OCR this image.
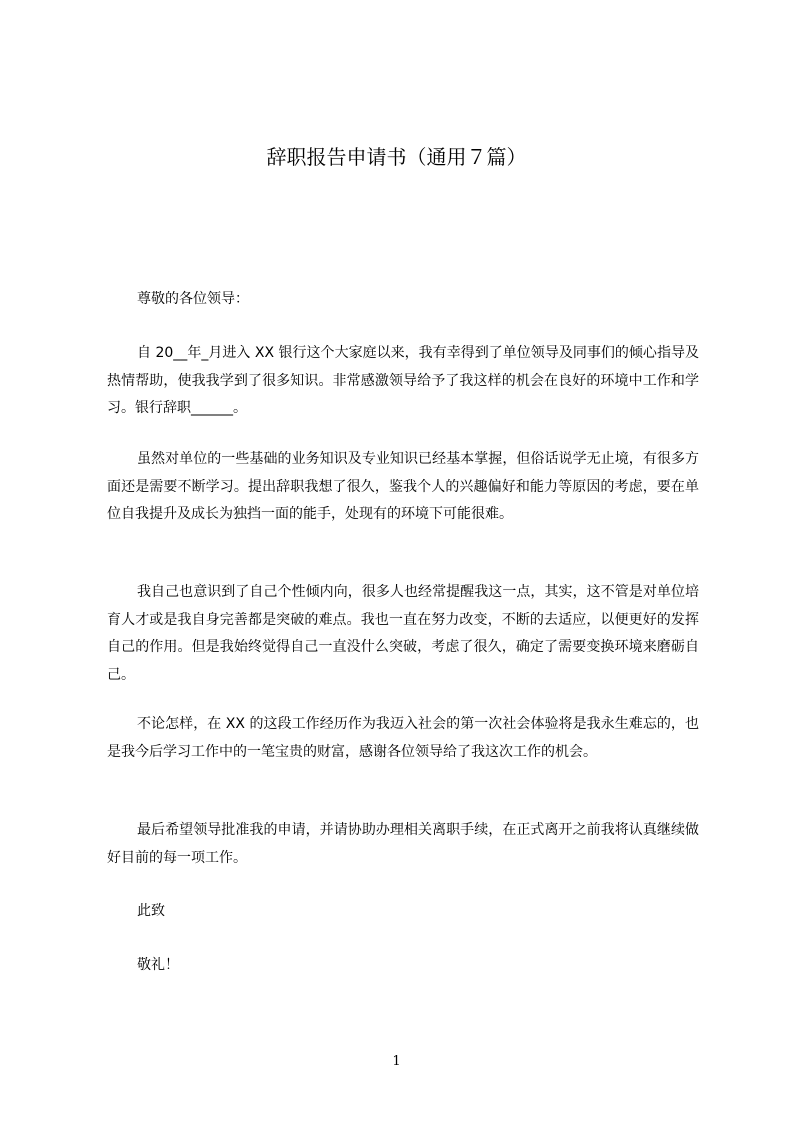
辞职报告申请书（通用７篇）

尊敬的各位领导：

自 20__年_月进入 XX 银行这个大家庭以来，我有幸得到了单位领导及同事们的倾心指导及热情帮助，使我我学到了很多知识。非常感激领导给予了我这样的机会在良好的环境中工作和学习。银行辞职______。

虽然对单位的一些基础的业务知识及专业知识已经基本掌握，但俗话说学无止境，有很多方面还是需要不断学习。提出辞职我想了很久，鉴我个人的兴趣偏好和能力等原因的考虑，要在单位自我提升及成长为独挡一面的能手，处现有的环境下可能很难。

我自己也意识到了自己个性倾内向，很多人也经常提醒我这一点，其实，这不管是对单位培育人才或是我自身完善都是突破的难点。我也一直在努力改变，不断的去适应，以便更好的发挥自己的作用。但是我始终觉得自己一直没什么突破，考虑了很久，确定了需要变换环境来磨砺自己。

不论怎样，在 XX 的这段工作经历作为我迈入社会的第一次社会体验将是我永生难忘的，也是我今后学习工作中的一笔宝贵的财富，感谢各位领导给了我这次工作的机会。

最后希望领导批准我的申请，并请协助办理相关离职手续，在正式离开之前我将认真继续做好目前的每一项工作。

此致

敬礼！

1
